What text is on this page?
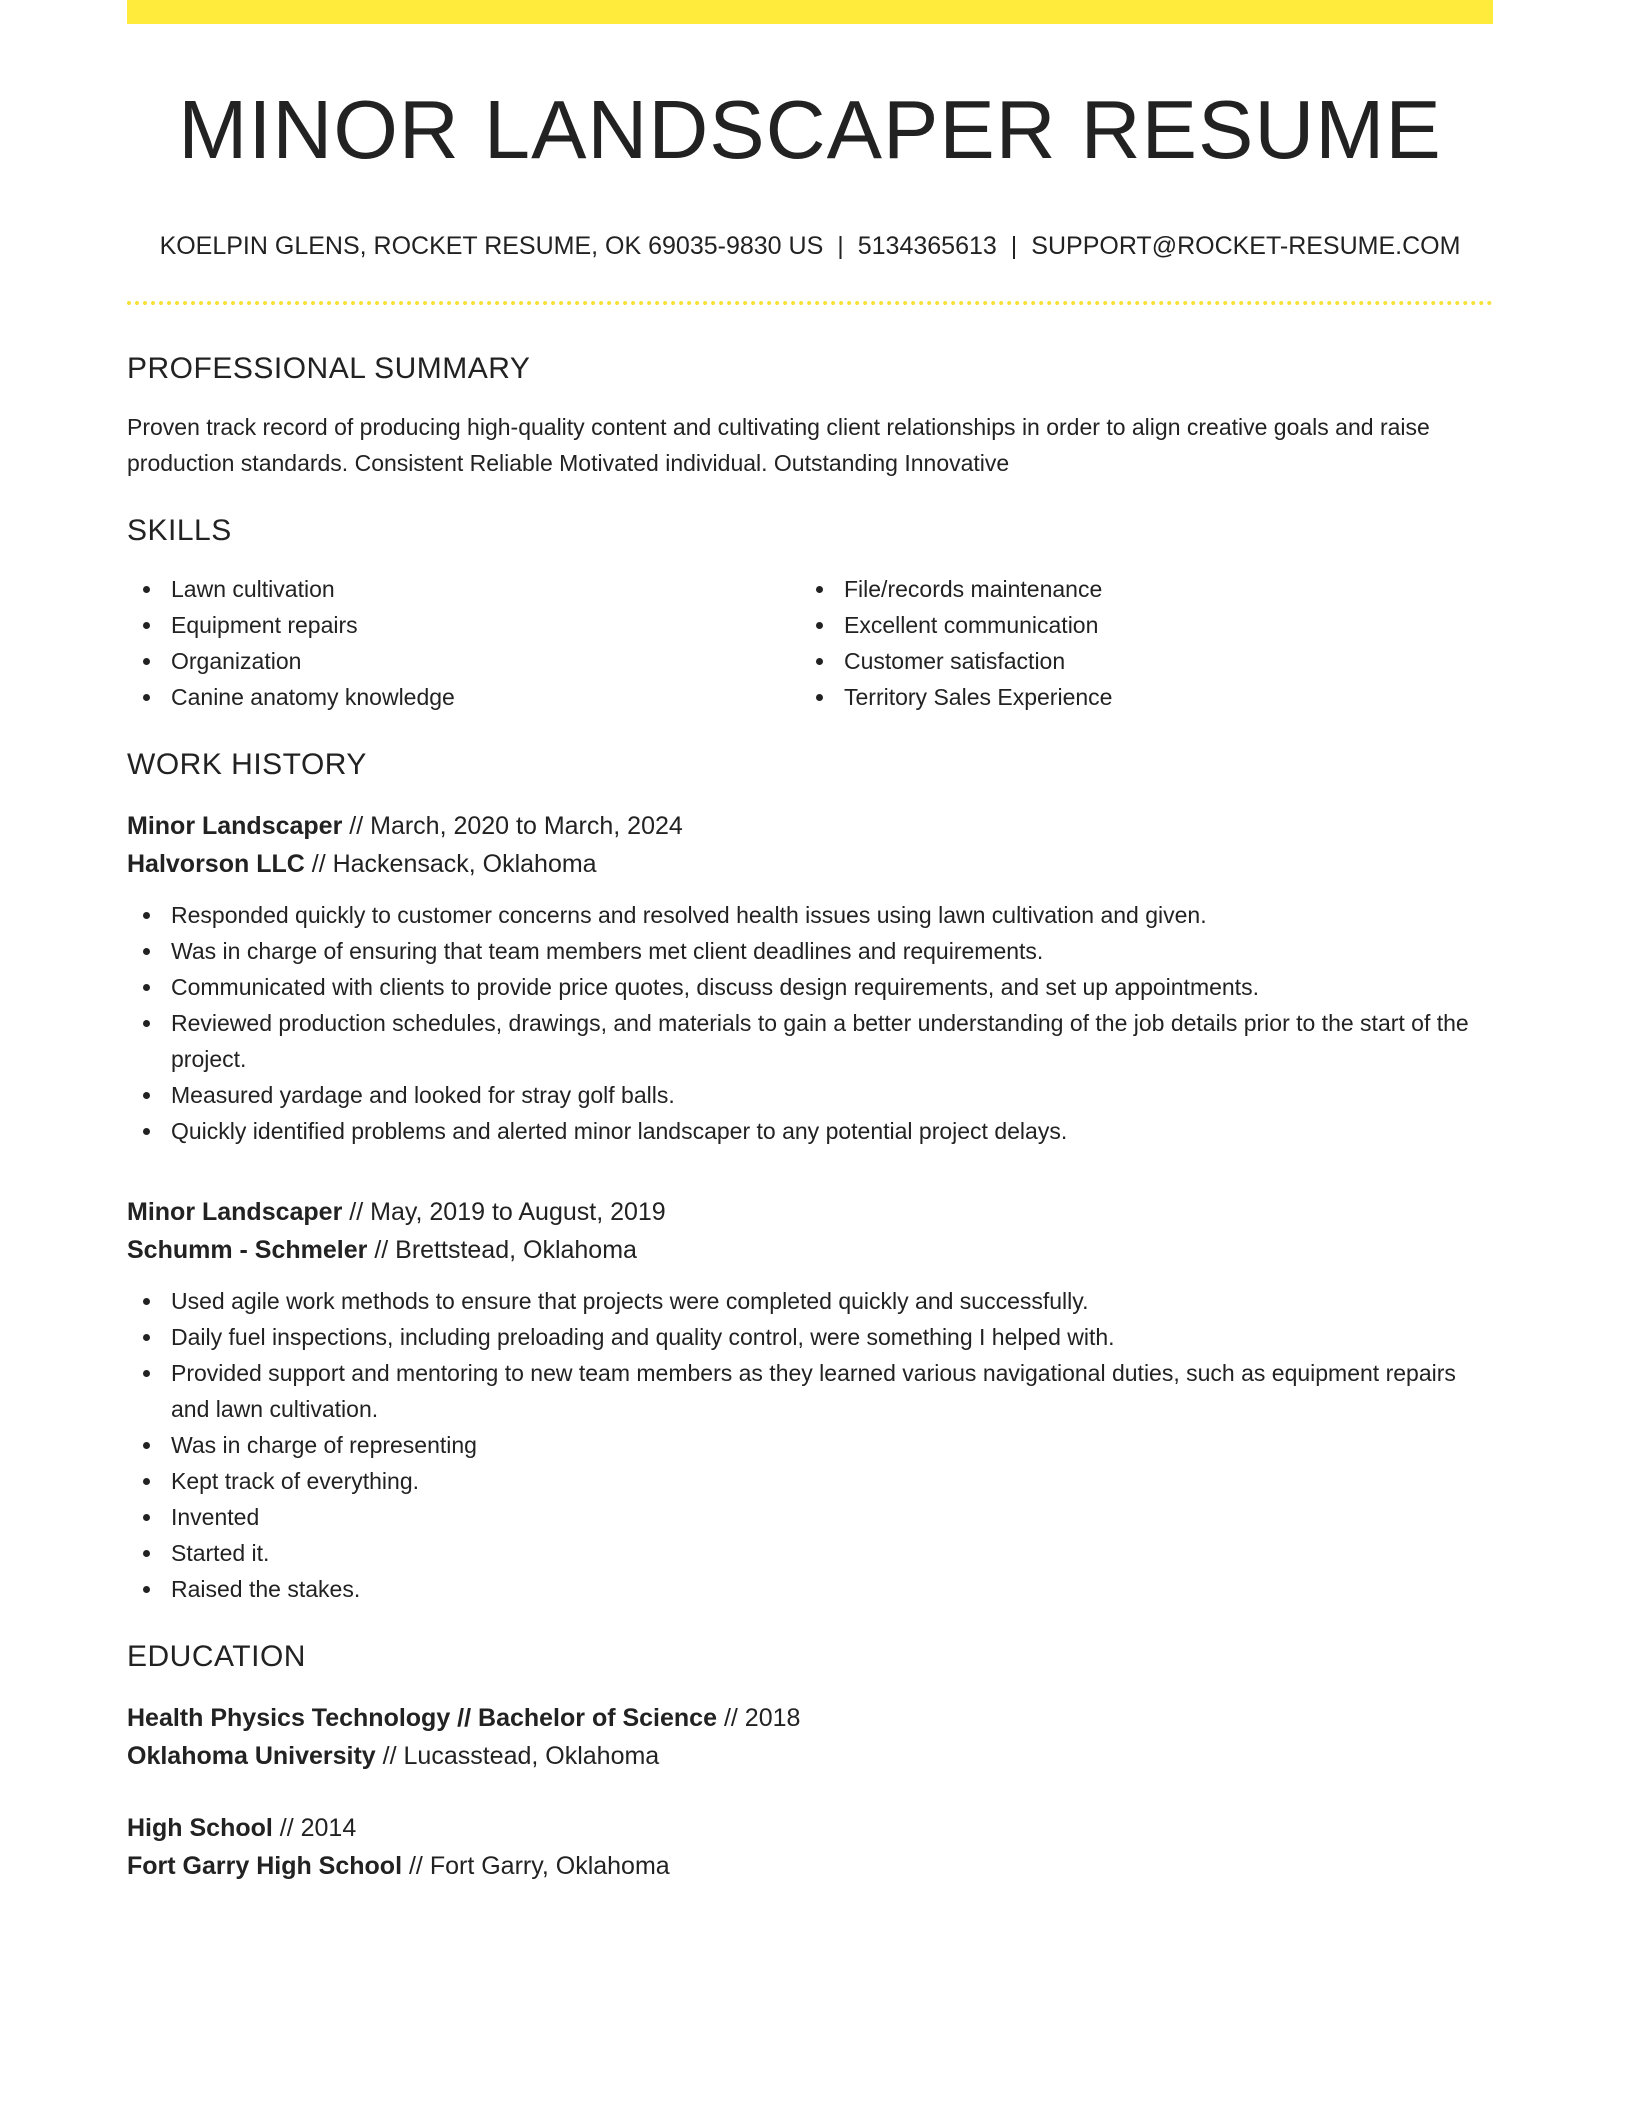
MINOR LANDSCAPER RESUME
KOELPIN GLENS, ROCKET RESUME, OK 69035-9830 US | 5134365613 | SUPPORT@ROCKET-RESUME.COM
PROFESSIONAL SUMMARY

Proven track record of producing high-quality content and cultivating client relationships in order to align creative goals and raise production standards. Consistent Reliable Motivated individual. Outstanding Innovative

SKILLS
Lawn cultivation
Equipment repairs
Organization
Canine anatomy knowledge
File/records maintenance
Excellent communication
Customer satisfaction
Territory Sales Experience
WORK HISTORY
Minor Landscaper // March, 2020 to March, 2024
Halvorson LLC // Hackensack, Oklahoma
Responded quickly to customer concerns and resolved health issues using lawn cultivation and given.
Was in charge of ensuring that team members met client deadlines and requirements.
Communicated with clients to provide price quotes, discuss design requirements, and set up appointments.
Reviewed production schedules, drawings, and materials to gain a better understanding of the job details prior to the start of the project.
Measured yardage and looked for stray golf balls.
Quickly identified problems and alerted minor landscaper to any potential project delays.
Minor Landscaper // May, 2019 to August, 2019
Schumm - Schmeler // Brettstead, Oklahoma
Used agile work methods to ensure that projects were completed quickly and successfully.
Daily fuel inspections, including preloading and quality control, were something I helped with.
Provided support and mentoring to new team members as they learned various navigational duties, such as equipment repairs and lawn cultivation.
Was in charge of representing
Kept track of everything.
Invented
Started it.
Raised the stakes.
EDUCATION
Health Physics Technology // Bachelor of Science // 2018
Oklahoma University // Lucasstead, Oklahoma
High School // 2014
Fort Garry High School // Fort Garry, Oklahoma
